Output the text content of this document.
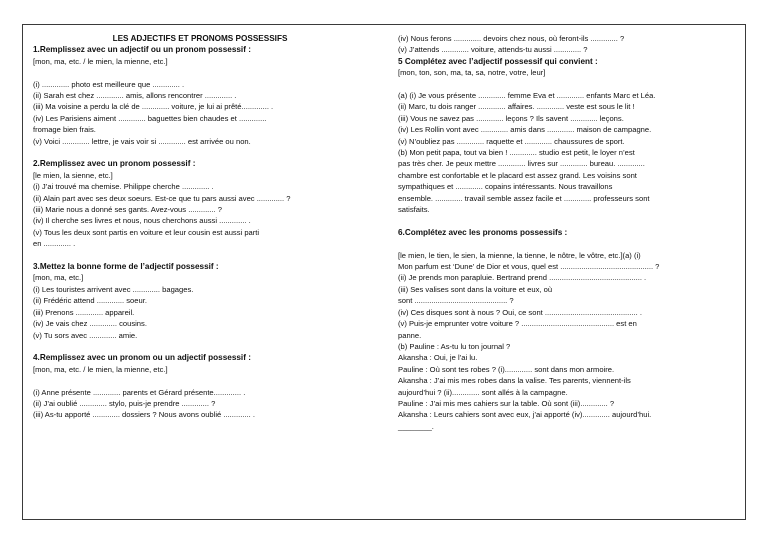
LES ADJECTIFS ET PRONOMS POSSESSIFS
1.Remplissez avec un adjectif ou un pronom possessif :
[mon, ma, etc. / le mien, la mienne, etc.]
(i) ............. photo est meilleure que ............. .
(ii) Sarah est chez ............. amis, allons rencontrer ............. .
(iii) Ma voisine a perdu la clé de ............. voiture, je lui ai prêté............. .
(iv) Les Parisiens aiment ............. baguettes bien chaudes et .............
fromage bien frais.
(v) Voici ............. lettre, je vais voir si ............. est arrivée ou non.
2.Remplissez avec un pronom possessif :
[le mien, la sienne, etc.]
(i) J’ai trouvé ma chemise. Philippe cherche ............. .
(ii) Alain part avec ses deux soeurs. Est-ce que tu pars aussi avec ............. ?
(iii) Marie nous a donné ses gants. Avez-vous ............. ?
(iv) Il cherche ses livres et nous, nous cherchons aussi ............. .
(v) Tous les deux sont partis en voiture et leur cousin est aussi parti
en ............. .
3.Mettez la bonne forme de l’adjectif possessif :
[mon, ma, etc.]
(i) Les touristes arrivent avec ............. bagages.
(ii) Frédéric attend ............. soeur.
(iii) Prenons ............. appareil.
(iv) Je vais chez ............. cousins.
(v) Tu sors avec ............. amie.
4.Remplissez avec un pronom ou un adjectif possessif :
[mon, ma, etc. / le mien, la mienne, etc.]
(i) Anne présente ............. parents et Gérard présente............. .
(ii) J’ai oublié ............. stylo, puis-je prendre ............. ?
(iii) As-tu apporté ............. dossiers ? Nous avons oublié ............. .
(iv) Nous ferons ............. devoirs chez nous, où feront-ils ............. ?
(v) J’attends ............. voiture, attends-tu aussi ............. ?
5 Complétez avec l’adjectif possessif qui convient :
[mon, ton, son, ma, ta, sa, notre, votre, leur]
(a) (i) Je vous présente ............. femme Eva et ............. enfants Marc et Léa.
(ii) Marc, tu dois ranger ............. affaires. ............. veste est sous le lit !
(iii) Vous ne savez pas ............. leçons ? Ils savent ............. leçons.
(iv) Les Rollin vont avec ............. amis dans ............. maison de campagne.
(v) N’oubliez pas ............. raquette et ............. chaussures de sport.
(b) Mon petit papa, tout va bien ! ............. studio est petit, le loyer n’est
pas très cher. Je peux mettre ............. livres sur ............. bureau. .............
chambre est confortable et le placard est assez grand. Les voisins sont
sympathiques et ............. copains intéressants. Nous travaillons
ensemble. ............. travail semble assez facile et ............. professeurs sont
satisfaits.
6.Complétez avec les pronoms possessifs :
[le mien, le tien, le sien, la mienne, la tienne, le nôtre, le vôtre, etc.](a) (i)
Mon parfum est ‘Dune’ de Dior et vous, quel est ............................................ ?
(ii) Je prends mon parapluie. Bertrand prend ............................................ .
(iii) Ses valises sont dans la voiture et eux, où
sont ............................................ ?
(iv) Ces disques sont à nous ? Oui, ce sont ............................................ .
(v) Puis-je emprunter votre voiture ? ............................................ est en
panne.
(b) Pauline : As-tu lu ton journal ?
Akansha : Oui, je l’ai lu.
Pauline : Où sont tes robes ? (i)............. sont dans mon armoire.
Akansha : J’ai mis mes robes dans la valise. Tes parents, viennent-ils
aujourd’hui ? (ii)............. sont allés à la campagne.
Pauline : J’ai mis mes cahiers sur la table. Où sont (iii)............. ?
Akansha : Leurs cahiers sont avec eux, j’ai apporté (iv)............. aujourd’hui.
________.
